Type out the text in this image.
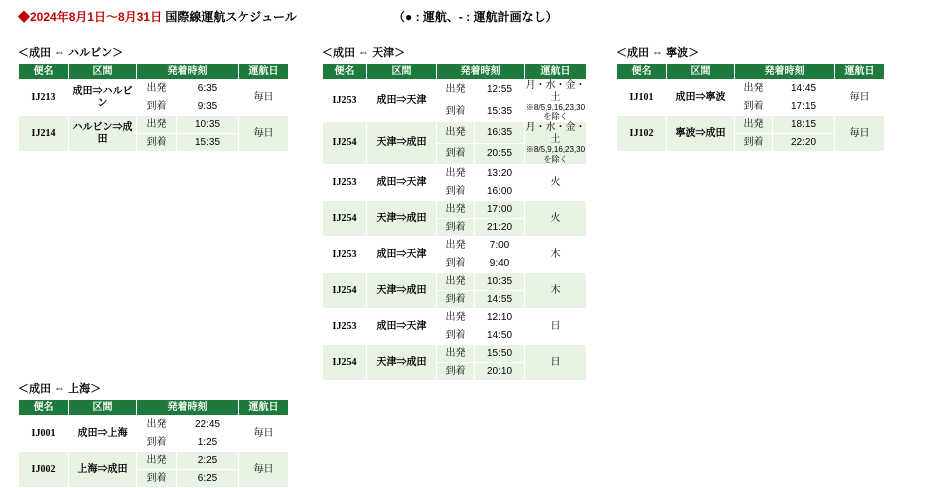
◆2024年8月1日～8月31日 国際線運航スケジュール	（● : 運航、- : 運航計画なし）
＜成田 ⇔ ハルビン＞
便名	区間	発着時刻		運航日
IJ213	成田⇒ハルビン	出発	6:35	毎日
		到着	9:35	
IJ214	ハルビン⇒成田	出発	10:35	毎日
		到着	15:35	
＜成田 ⇔ 天津＞
便名	区間	発着時刻		運航日
IJ253	成田⇒天津	出発	12:55	月・水・金・土
※8/5,9,16,23,30を除く

		到着	15:35	
IJ254	天津⇒成田	出発	16:35	月・水・金・土
※8/5,9,16,23,30を除く

		到着	20:55	
IJ253	成田⇒天津	出発	13:20	火
		到着	16:00	
IJ254	天津⇒成田	出発	17:00	火
		到着	21:20	
IJ253	成田⇒天津	出発	7:00	木
		到着	9:40	
IJ254	天津⇒成田	出発	10:35	木
		到着	14:55	
IJ253	成田⇒天津	出発	12:10	日
		到着	14:50	
IJ254	天津⇒成田	出発	15:50	日
		到着	20:10	
＜成田 ⇔ 寧波＞
便名	区間	発着時刻		運航日
IJ101	成田⇒寧波	出発	14:45	毎日
		到着	17:15	
IJ102	寧波⇒成田	出発	18:15	毎日
		到着	22:20	
＜成田 ⇔ 上海＞
便名	区間	発着時刻		運航日
IJ001	成田⇒上海	出発	22:45	毎日
		到着	1:25	
IJ002	上海⇒成田	出発	2:25	毎日
		到着	6:25	
